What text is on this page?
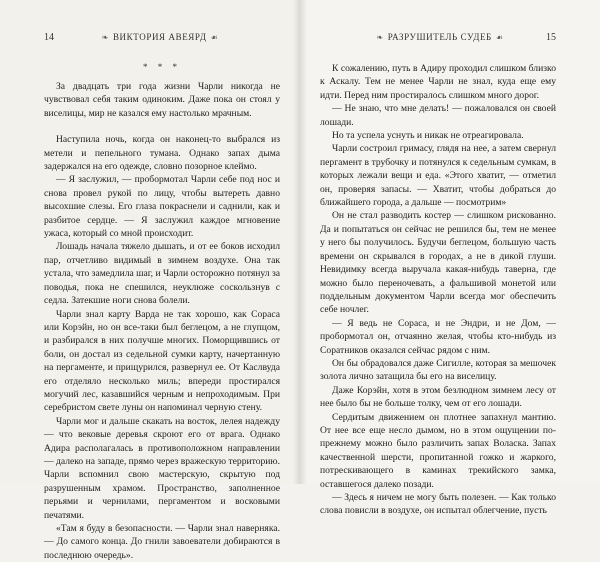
14	❧ ВИКТОРИЯ АВЕЯРД ☙
* * *

За двадцать три года жизни Чарли никогда не чувствовал себя таким одиноким. Даже пока он стоял у виселицы, мир не казался ему настолько мрачным.

Наступила ночь, когда он наконец-то выбрался из метели и пепельного тумана. Однако запах дыма задержался на его одежде, словно позорное клеймо.

— Я заслужил, — пробормотал Чарли себе под нос и снова провел рукой по лицу, чтобы вытереть давно высохшие слезы. Его глаза покраснели и саднили, как и разбитое сердце. — Я заслужил каждое мгновение ужаса, который со мной происходит.

Лошадь начала тяжело дышать, и от ее боков исходил пар, отчетливо видимый в зимнем воздухе. Она так устала, что замедлила шаг, и Чарли осторожно потянул за поводья, пока не спешился, неуклюже соскользнув с седла. Затекшие ноги снова болели.

Чарли знал карту Варда не так хорошо, как Сораса или Корэйн, но он все-таки был беглецом, а не глупцом, и разбирался в них получше многих. Поморщившись от боли, он достал из седельной сумки карту, начертанную на пергаменте, и прищурился, развернул ее. От Каслвуда его отделяло несколько миль; впереди простирался могучий лес, казавшийся черным и непроходимым. При серебристом свете луны он напоминал черную стену.

Чарли мог и дальше скакать на восток, лелея надежду — что вековые деревья скроют его от врага. Однако Адира располагалась в противоположном направлении — далеко на западе, прямо через вражескую территорию. Чарли вспомнил свою мастерскую, скрытую под разрушенным храмом. Пространство, заполненное перьями и чернилами, пергаментом и восковыми печатями.

«Там я буду в безопасности. — Чарли знал наверняка. — До самого конца. До гнили завоеватели добираются в последнюю очередь».

❧ РАЗРУШИТЕЛЬ СУДЕБ ☙	15

К сожалению, путь в Адиру проходил слишком близко к Аскалу. Тем не менее Чарли не знал, куда еще ему идти. Перед ним простиралось слишком много дорог.

— Не знаю, что мне делать! — пожаловался он своей лошади.

Но та успела уснуть и никак не отреагировала.

Чарли состроил гримасу, глядя на нее, а затем свернул пергамент в трубочку и потянулся к седельным сумкам, в которых лежали вещи и еда. «Этого хватит, — отметил он, проверяя запасы. — Хватит, чтобы добраться до ближайшего города, а дальше — посмотрим»

Он не стал разводить костер — слишком рискованно. Да и попытаться он сейчас не решился бы, тем не менее у него бы получилось. Будучи беглецом, большую часть времени он скрывался в городах, а не в дикой глуши. Невидимку всегда выручала какая-нибудь таверна, где можно было переночевать, а фальшивой монетой или поддельным документом Чарли всегда мог обеспечить себе ночлег.

— Я ведь не Сораса, и не Эндри, и не Дом, — пробормотал он, отчаянно желая, чтобы кто-нибудь из Соратников оказался сейчас рядом с ним.

Он бы обрадовался даже Сигилле, которая за мешочек золота лично затащила бы его на виселицу.

Даже Корэйн, хотя в этом безлюдном зимнем лесу от нее было бы не больше толку, чем от его лошади.

Сердитым движением он плотнее запахнул мантию. От нее все еще несло дымом, но в этом ощущении по-прежнему можно было различить запах Воласка. Запах качественной шерсти, пропитанной гожко и жаркого, потрескивающего в каминах трекийского замка, оставшегося далеко позади.

— Здесь я ничем не могу быть полезен. — Как только слова повисли в воздухе, он испытал облегчение, пусть
